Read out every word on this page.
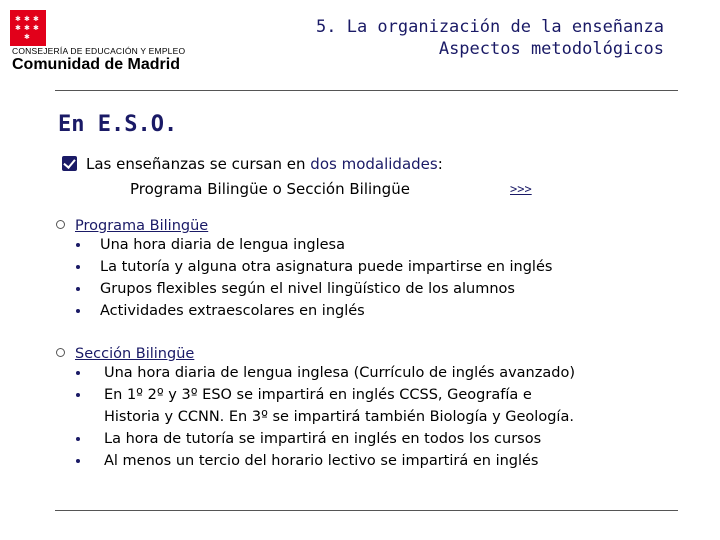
✱ ✱ ✱
✱ ✱ ✱
✱
CONSEJERÍA DE EDUCACIÓN Y EMPLEO
Comunidad de Madrid
5. La organización de la enseñanza
Aspectos metodológicos
En E.S.O.
Las enseñanzas se cursan en dos modalidades:
Programa Bilingüe o Sección Bilingüe	>>>
Programa Bilingüe
Una hora diaria de lengua inglesa
La tutoría y alguna otra asignatura puede impartirse en inglés
Grupos flexibles según el nivel lingüístico de los alumnos
Actividades extraescolares en inglés
Sección Bilingüe
Una hora diaria de lengua inglesa (Currículo de inglés avanzado)
En 1º 2º y 3º ESO se impartirá en inglés CCSS, Geografía e
Historia y CCNN. En 3º se impartirá también Biología y Geología.
La hora de tutoría se impartirá en inglés en todos los cursos
Al menos un tercio del horario lectivo se impartirá en inglés
